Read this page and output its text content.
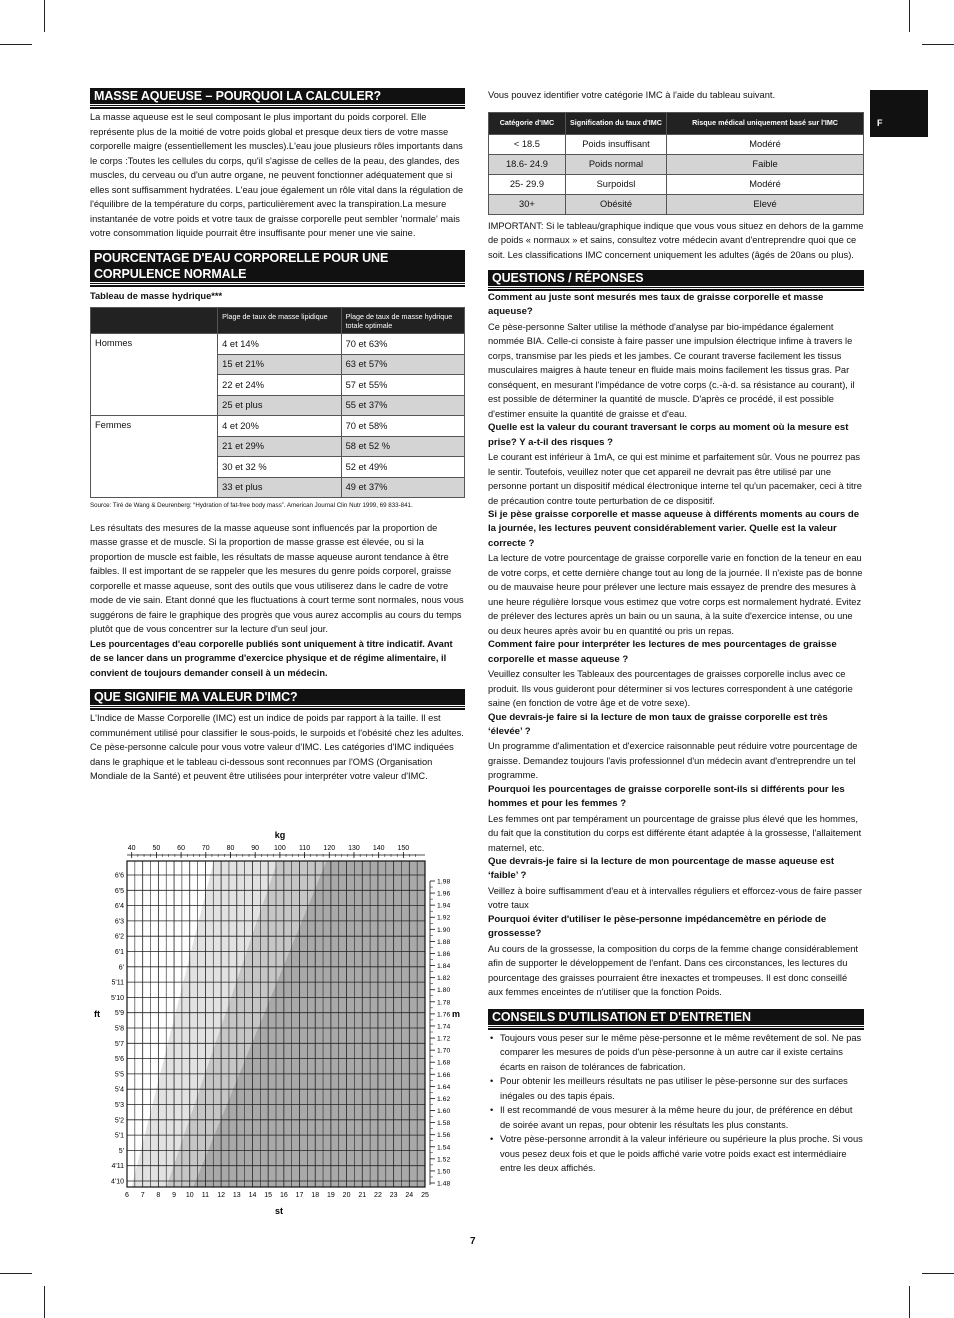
F
MASSE AQUEUSE – POURQUOI LA CALCULER?

La masse aqueuse est le seul composant le plus important du poids corporel. Elle représente plus de la moitié de votre poids global et presque deux tiers de votre masse corporelle maigre (essentiellement les muscles).L'eau joue plusieurs rôles importants dans le corps :Toutes les cellules du corps, qu'il s'agisse de celles de la peau, des glandes, des muscles, du cerveau ou d'un autre organe, ne peuvent fonctionner adéquatement que si elles sont suffisamment hydratées. L'eau joue également un rôle vital dans la régulation de l'équilibre de la température du corps, particulièrement avec la transpiration.La mesure instantanée de votre poids et votre taux de graisse corporelle peut sembler 'normale' mais votre consommation liquide pourrait être insuffisante pour mener une vie saine.

POURCENTAGE D'EAU CORPORELLE POUR UNE CORPULENCE NORMALE
Tableau de masse hydrique***
	Plage de taux de masse lipidique	Plage de taux de masse hydrique totale optimale
Hommes	4 et 14%	70 et 63%
	15 et 21%	63 et 57%
	22 et 24%	57 et 55%
	25 et plus	55 et 37%
Femmes	4 et 20%	70 et 58%
	21 et 29%	58 et 52 %
	30 et 32 %	52 et 49%
	33 et plus	49 et 37%
Source: Tiré de Wang & Deurenberg: “Hydration of fat-free body mass”. American Journal Clin Nutr 1999, 69 833-841.

Les résultats des mesures de la masse aqueuse sont influencés par la proportion de masse grasse et de muscle. Si la proportion de masse grasse est élevée, ou si la proportion de muscle est faible, les résultats de masse aqueuse auront tendance à être faibles. Il est important de se rappeler que les mesures du genre poids corporel, graisse corporelle et masse aqueuse, sont des outils que vous utiliserez dans le cadre de votre mode de vie sain. Etant donné que les fluctuations à court terme sont normales, nous vous suggérons de faire le graphique des progrès que vous aurez accomplis au cours du temps plutôt que de vous concentrer sur la lecture d'un seul jour.

Les pourcentages d'eau corporelle publiés sont uniquement à titre indicatif. Avant de se lancer dans un programme d'exercice physique et de régime alimentaire, il convient de toujours demander conseil à un médecin.

QUE SIGNIFIE MA VALEUR D'IMC?

L'Indice de Masse Corporelle (IMC) est un indice de poids par rapport à la taille. Il est communément utilisé pour classifier le sous-poids, le surpoids et l'obésité chez les adultes. Ce pèse-personne calcule pour vous votre valeur d'IMC. Les catégories d'IMC indiquées dans le graphique et le tableau ci-dessous sont reconnues par l'OMS (Organisation Mondiale de la Santé) et peuvent être utilisées pour interpréter votre valeur d'IMC.

6'6
6'5
6'4
6'3
6'2
6'1
6'
5'11
5'10
5'9
5'8
5'7
5'6
5'5
5'4
5'3
5'2
5'1
5'
4'11
4'10
40 50 60 70 80 90 100 110 120 130 140 150
kg
6 7 8 9 10 11 12 13 14 15 16 17 18 19 20 21 22 23 24 25
st
ft
1.98
1.96
1.94
1.92
1.90
1.88
1.86
1.84
1.82
1.80
1.78
1.76
1.74
1.72
1.70
1.68
1.66
1.64
1.62
1.60
1.58
1.56
1.54
1.52
1.50
1.48
m

Vous pouvez identifier votre catégorie IMC à l'aide du tableau suivant.

Catégorie d'IMC	Signification du taux d'IMC	Risque médical uniquement basé sur l'IMC
< 18.5	Poids insuffisant	Modéré
18.6- 24.9	Poids normal	Faible
25- 29.9	Surpoidsl	Modéré
30+	Obésité	Elevé

IMPORTANT: Si le tableau/graphique indique que vous vous situez en dehors de la gamme de poids « normaux » et sains, consultez votre médecin avant d'entreprendre quoi que ce soit. Les classifications IMC concernent uniquement les adultes (âgés de 20ans ou plus).

QUESTIONS / RÉPONSES

Comment au juste sont mesurés mes taux de graisse corporelle et masse aqueuse?

Ce pèse-personne Salter utilise la méthode d'analyse par bio-impédance également nommée BIA. Celle-ci consiste à faire passer une impulsion électrique infime à travers le corps, transmise par les pieds et les jambes. Ce courant traverse facilement les tissus musculaires maigres à haute teneur en fluide mais moins facilement les tissus gras. Par conséquent, en mesurant l'impédance de votre corps (c.-à-d. sa résistance au courant), il est possible de déterminer la quantité de muscle. D'après ce procédé, il est possible d'estimer ensuite la quantité de graisse et d'eau.

Quelle est la valeur du courant traversant le corps au moment où la mesure est prise? Y a-t-il des risques ?

Le courant est inférieur à 1mA, ce qui est minime et parfaitement sûr. Vous ne pourrez pas le sentir. Toutefois, veuillez noter que cet appareil ne devrait pas être utilisé par une personne portant un dispositif médical électronique interne tel qu'un pacemaker, ceci à titre de précaution contre toute perturbation de ce dispositif.

Si je pèse graisse corporelle et masse aqueuse à différents moments au cours de la journée, les lectures peuvent considérablement varier. Quelle est la valeur correcte ?

La lecture de votre pourcentage de graisse corporelle varie en fonction de la teneur en eau de votre corps, et cette dernière change tout au long de la journée. Il n'existe pas de bonne ou de mauvaise heure pour prélever une lecture mais essayez de prendre des mesures à une heure régulière lorsque vous estimez que votre corps est normalement hydraté. Evitez de prélever des lectures après un bain ou un sauna, à la suite d'exercice intense, ou une ou deux heures après avoir bu en quantité ou pris un repas.

Comment faire pour interpréter les lectures de mes pourcentages de graisse corporelle et masse aqueuse ?

Veuillez consulter les Tableaux des pourcentages de graisses corporelle inclus avec ce produit. Ils vous guideront pour déterminer si vos lectures correspondent à une catégorie saine (en fonction de votre âge et de votre sexe).

Que devrais-je faire si la lecture de mon taux de graisse corporelle est très ‘élevée’ ?

Un programme d'alimentation et d'exercice raisonnable peut réduire votre pourcentage de graisse. Demandez toujours l'avis professionnel d'un médecin avant d'entreprendre un tel programme.

Pourquoi les pourcentages de graisse corporelle sont-ils si différents pour les hommes et pour les femmes ?

Les femmes ont par tempérament un pourcentage de graisse plus élevé que les hommes, du fait que la constitution du corps est différente étant adaptée à la grossesse, l'allaitement maternel, etc.

Que devrais-je faire si la lecture de mon pourcentage de masse aqueuse est ‘faible’ ?

Veillez à boire suffisamment d'eau et à intervalles réguliers et efforcez-vous de faire passer votre taux

Pourquoi éviter d'utiliser le pèse-personne impédancemètre en période de grossesse?

Au cours de la grossesse, la composition du corps de la femme change considérablement afin de supporter le développement de l'enfant. Dans ces circonstances, les lectures du pourcentage des graisses pourraient être inexactes et trompeuses. Il est donc conseillé aux femmes enceintes de n'utiliser que la fonction Poids.

CONSEILS D'UTILISATION ET D'ENTRETIEN
• Toujours vous peser sur le même pèse-personne et le même revêtement de sol. Ne pas comparer les mesures de poids d'un pèse-personne à un autre car il existe certains écarts en raison de tolérances de fabrication.
• Pour obtenir les meilleurs résultats ne pas utiliser le pèse-personne sur des surfaces inégales ou des tapis épais.
• Il est recommandé de vous mesurer à la même heure du jour, de préférence en début de soirée avant un repas, pour obtenir les résultats les plus constants.
• Votre pèse-personne arrondit à la valeur inférieure ou supérieure la plus proche. Si vous vous pesez deux fois et que le poids affiché varie votre poids exact est intermédiaire entre les deux affichés.
7
